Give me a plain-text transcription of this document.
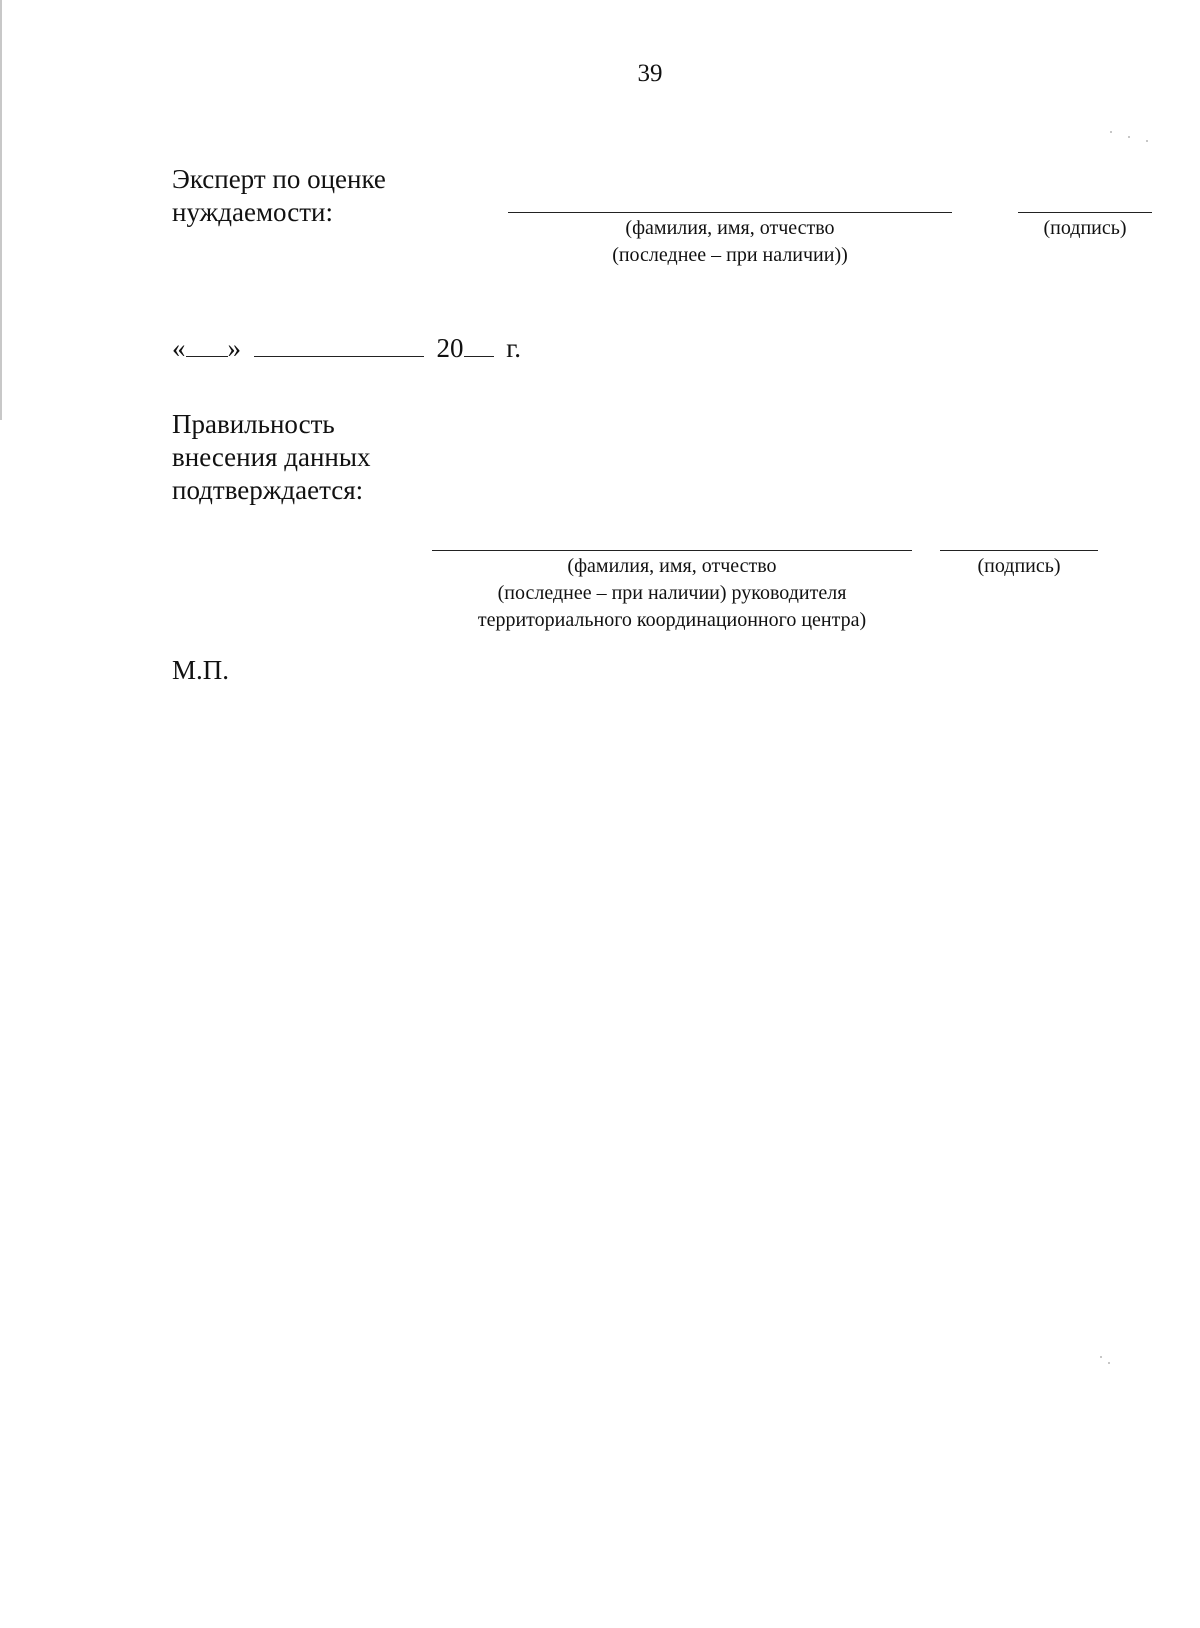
39
Эксперт по оценке
нуждаемости:
(фамилия, имя, отчество
(последнее – при наличии))
(подпись)
« »	20 г.
Правильность
внесения данных
подтверждается:
(фамилия, имя, отчество
(последнее – при наличии) руководителя
территориального координационного центра)
(подпись)
М.П.
